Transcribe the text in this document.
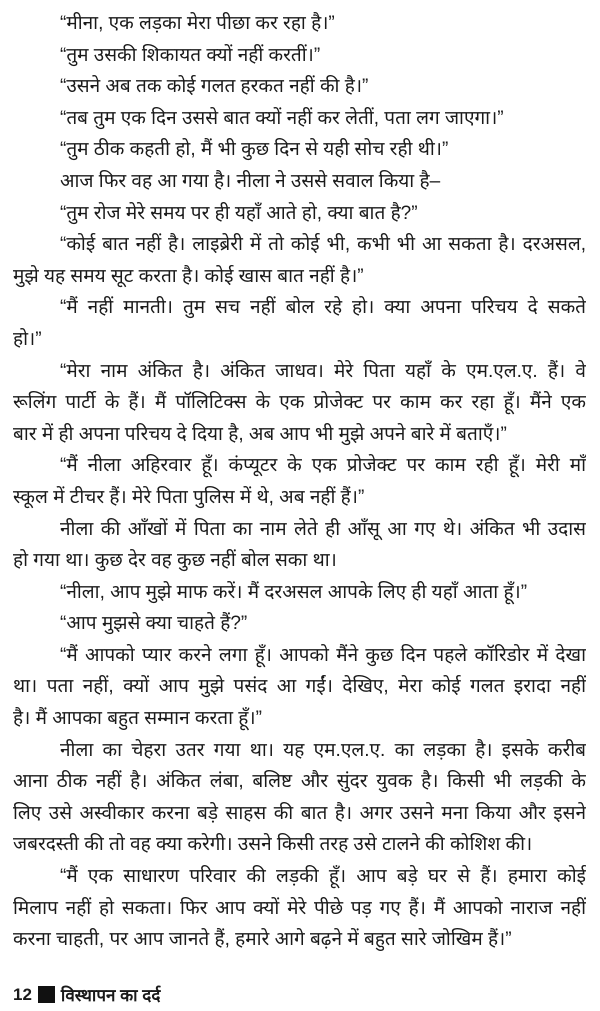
“मीना, एक लड़का मेरा पीछा कर रहा है।”
“तुम उसकी शिकायत क्यों नहीं करतीं।”
“उसने अब तक कोई गलत हरकत नहीं की है।”
“तब तुम एक दिन उससे बात क्यों नहीं कर लेतीं, पता लग जाएगा।”
“तुम ठीक कहती हो, मैं भी कुछ दिन से यही सोच रही थी।”
आज फिर वह आ गया है। नीला ने उससे सवाल किया है–
“तुम रोज मेरे समय पर ही यहाँ आते हो, क्या बात है?”
“कोई बात नहीं है। लाइब्रेरी में तो कोई भी, कभी भी आ सकता है। दरअसल,
मुझे यह समय सूट करता है। कोई खास बात नहीं है।”
“मैं नहीं मानती। तुम सच नहीं बोल रहे हो। क्या अपना परिचय दे सकते
हो।”
“मेरा नाम अंकित है। अंकित जाधव। मेरे पिता यहाँ के एम.एल.ए. हैं। वे
रूलिंग पार्टी के हैं। मैं पॉलिटिक्स के एक प्रोजेक्ट पर काम कर रहा हूँ। मैंने एक
बार में ही अपना परिचय दे दिया है, अब आप भी मुझे अपने बारे में बताएँ।”
“मैं नीला अहिरवार हूँ। कंप्यूटर के एक प्रोजेक्ट पर काम रही हूँ। मेरी माँ
स्कूल में टीचर हैं। मेरे पिता पुलिस में थे, अब नहीं हैं।”
नीला की आँखों में पिता का नाम लेते ही आँसू आ गए थे। अंकित भी उदास
हो गया था। कुछ देर वह कुछ नहीं बोल सका था।
“नीला, आप मुझे माफ करें। मैं दरअसल आपके लिए ही यहाँ आता हूँ।”
“आप मुझसे क्या चाहते हैं?”
“मैं आपको प्यार करने लगा हूँ। आपको मैंने कुछ दिन पहले कॉरिडोर में देखा
था। पता नहीं, क्यों आप मुझे पसंद आ गईं। देखिए, मेरा कोई गलत इरादा नहीं
है। मैं आपका बहुत सम्मान करता हूँ।”
नीला का चेहरा उतर गया था। यह एम.एल.ए. का लड़का है। इसके करीब
आना ठीक नहीं है। अंकित लंबा, बलिष्ट और सुंदर युवक है। किसी भी लड़की के
लिए उसे अस्वीकार करना बड़े साहस की बात है। अगर उसने मना किया और इसने
जबरदस्ती की तो वह क्या करेगी। उसने किसी तरह उसे टालने की कोशिश की।
“मैं एक साधारण परिवार की लड़की हूँ। आप बड़े घर से हैं। हमारा कोई
मिलाप नहीं हो सकता। फिर आप क्यों मेरे पीछे पड़ गए हैं। मैं आपको नाराज नहीं
करना चाहती, पर आप जानते हैं, हमारे आगे बढ़ने में बहुत सारे जोखिम हैं।”
12 विस्थापन का दर्द
